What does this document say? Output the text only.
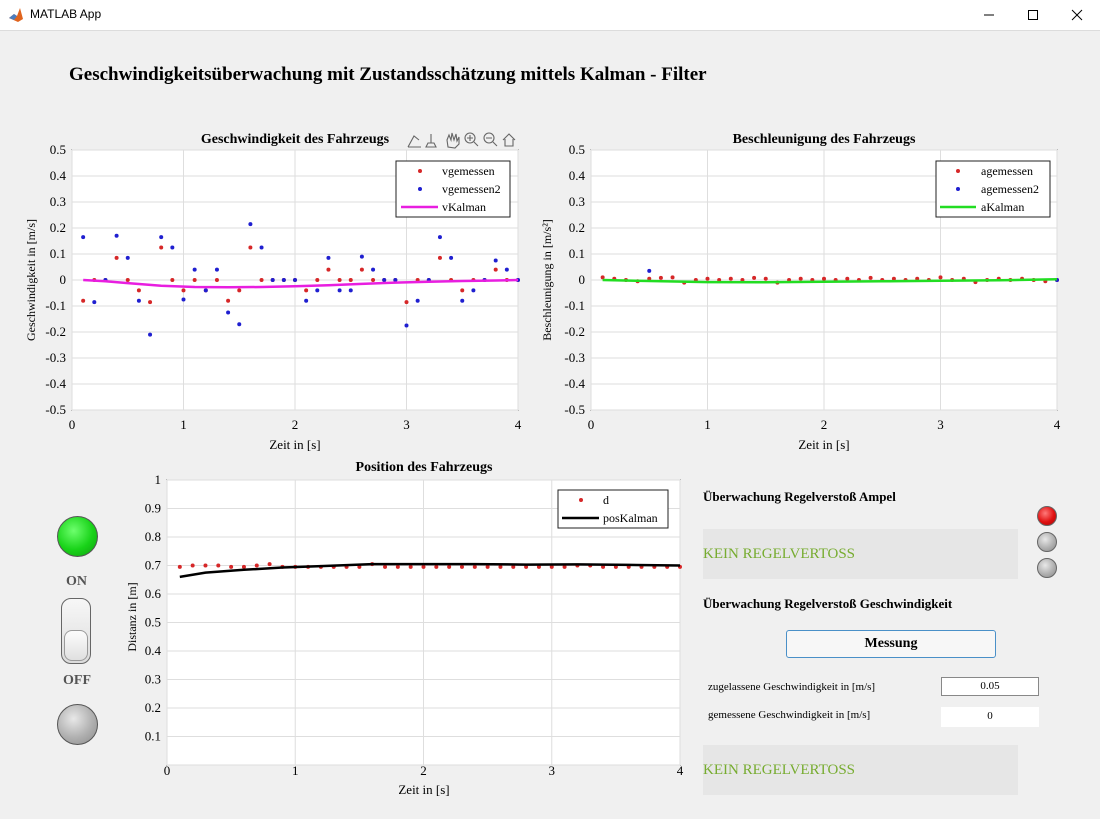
MATLAB App
Geschwindigkeitsüberwachung mit Zustandsschätzung mittels Kalman - Filter
Geschwindigkeit des Fahrzeugs
0	1	2	3	4
-0.5
-0.4
-0.3
-0.2
-0.1
0
0.1
0.2
0.3
0.4
0.5
Zeit in [s]
Geschwindigkeit in [m/s]
vgemessen
vgemessen2
vKalman
Beschleunigung des Fahrzeugs
0	1	2	3	4
-0.5
-0.4
-0.3
-0.2
-0.1
0
0.1
0.2
0.3
0.4
0.5
Zeit in [s]
Beschleunigung in [m/s²]
agemessen
agemessen2
aKalman
Position des Fahrzeugs
0	1	2	3	4
0.1
0.2
0.3
0.4
0.5
0.6
0.7
0.8
0.9
1
Zeit in [s]
Distanz in [m]
d
posKalman
ON
OFF
Überwachung Regelverstoß Ampel
KEIN REGELVERTOSS
Überwachung Regelverstoß Geschwindigkeit
Messung
zugelassene Geschwindigkeit in [m/s]	0.05
gemessene Geschwindigkeit in [m/s]	0
KEIN REGELVERTOSS
